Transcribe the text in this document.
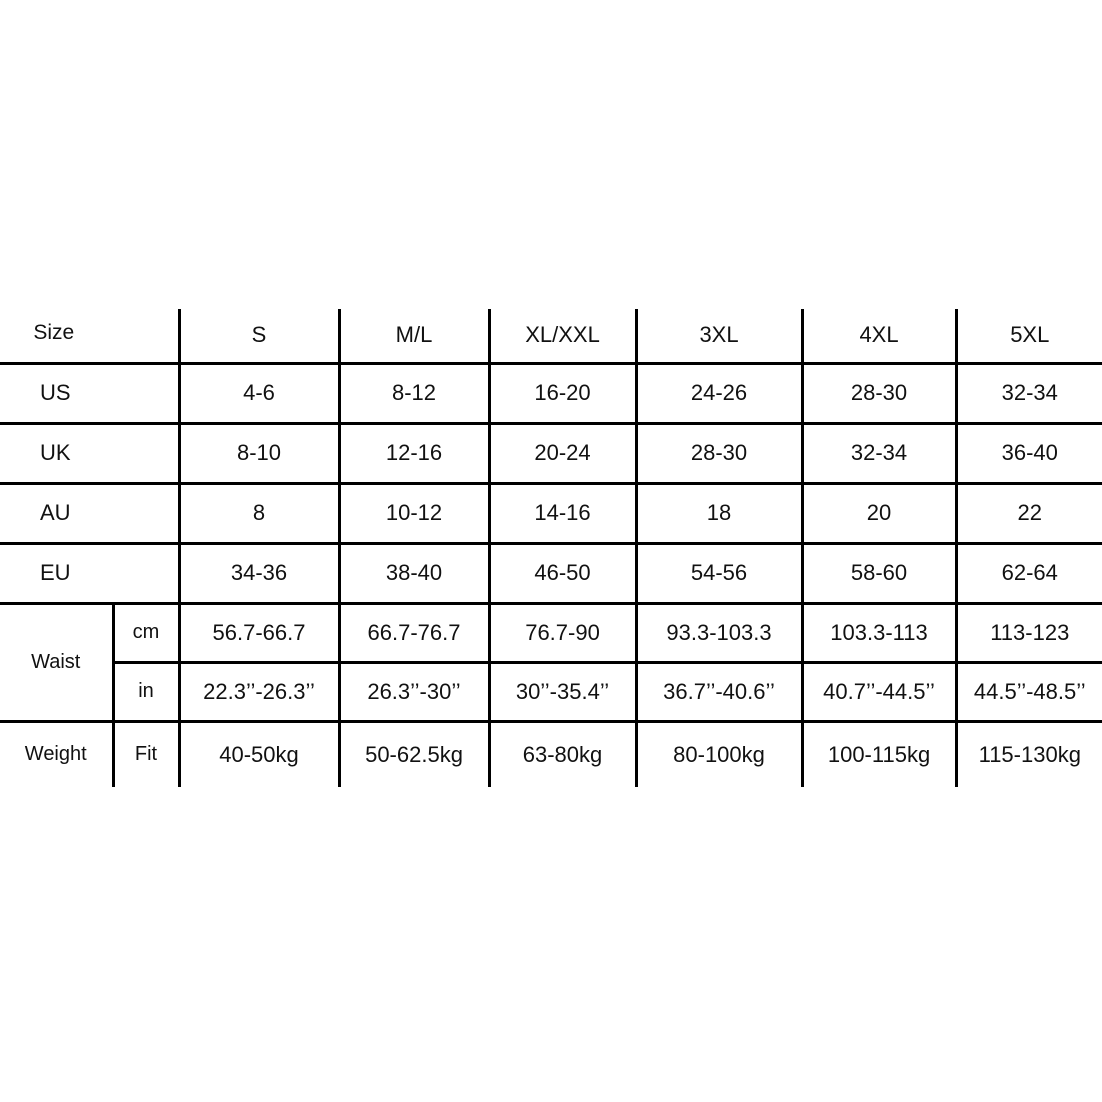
Size		S	M/L	XL/XXL	3XL	4XL	5XL
US		4-6	8-12	16-20	24-26	28-30	32-34
UK		8-10	12-16	20-24	28-30	32-34	36-40
AU		8	10-12	14-16	18	20	22
EU		34-36	38-40	46-50	54-56	58-60	62-64
Waist	cm	56.7-66.7	66.7-76.7	76.7-90	93.3-103.3	103.3-113	113-123
	in	22.3’’-26.3’’	26.3’’-30’’	30’’-35.4’’	36.7’’-40.6’’	40.7’’-44.5’’	44.5’’-48.5’’
Weight	Fit	40-50kg	50-62.5kg	63-80kg	80-100kg	100-115kg	115-130kg
